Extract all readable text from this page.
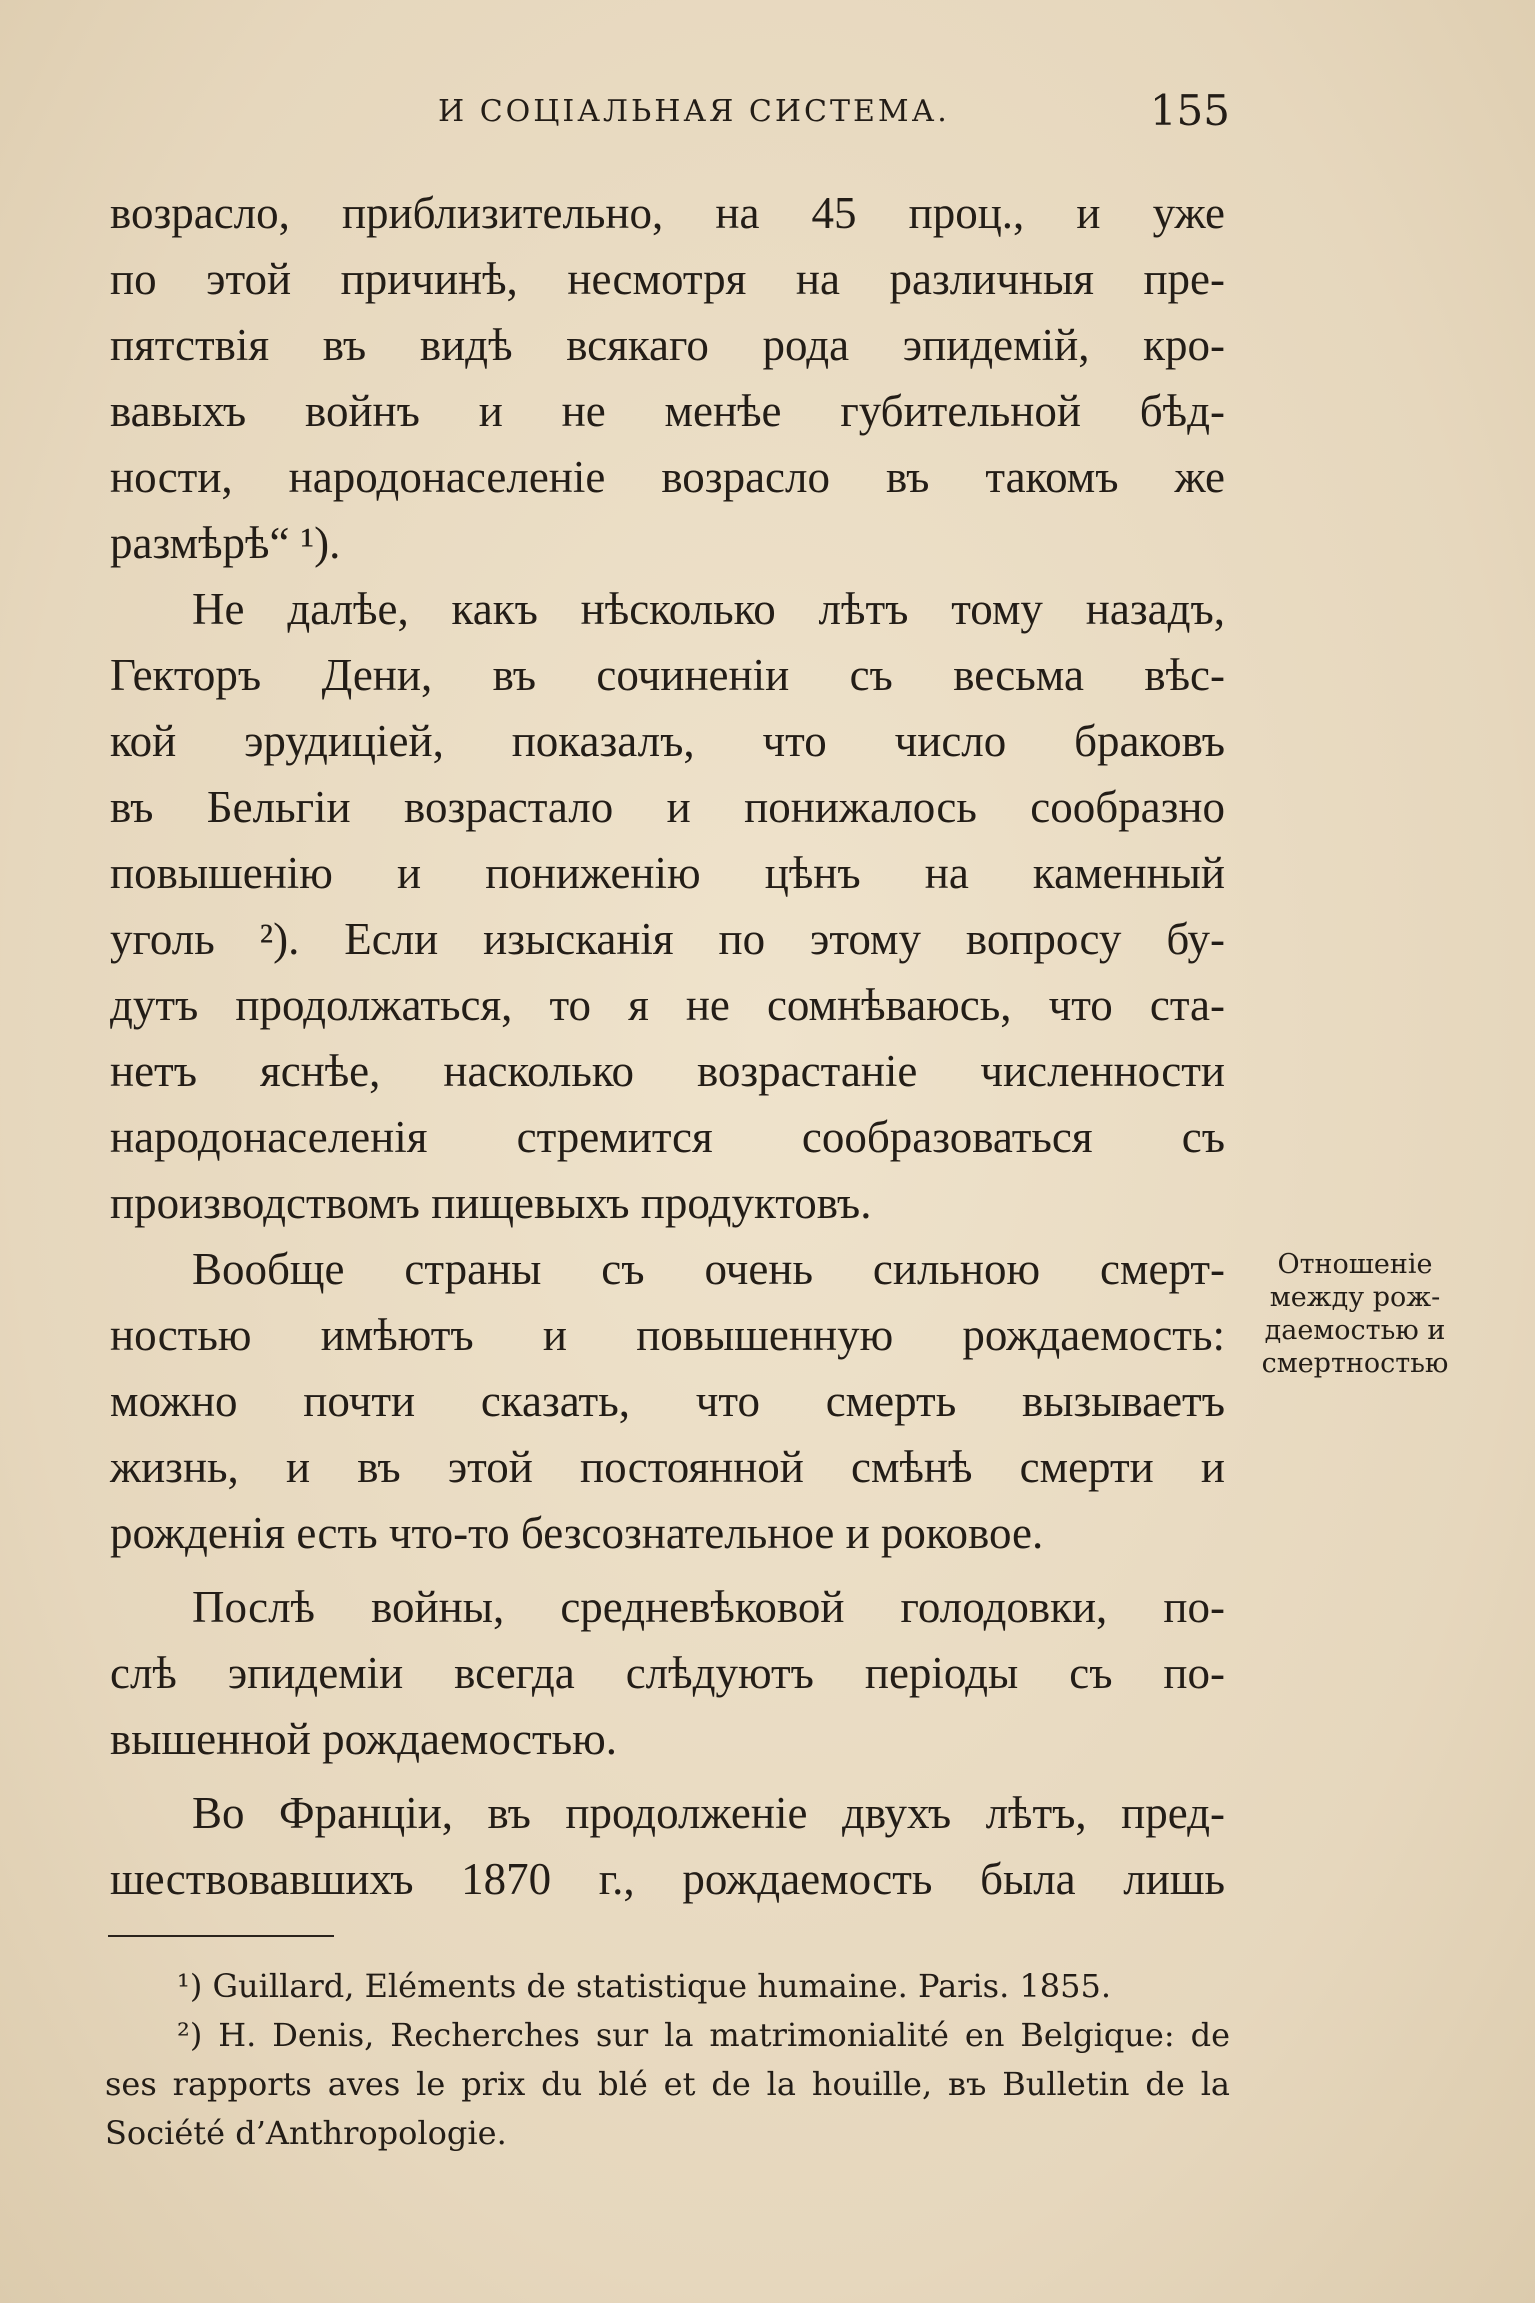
И СОЦІАЛЬНАЯ СИСТЕМА.	155

возрасло, приблизительно, на 45 проц., и уже
по этой причинѣ, несмотря на различныя пре-
пятствія въ видѣ всякаго рода эпидемій, кро-
вавыхъ войнъ и не менѣе губительной бѣд-
ности, народонаселеніе возрасло въ такомъ же
размѣрѣ“ ¹).

Не далѣе, какъ нѣсколько лѣтъ тому назадъ,
Гекторъ Дени, въ сочиненіи съ весьма вѣс-
кой эрудиціей, показалъ, что число браковъ
въ Бельгіи возрастало и понижалось сообразно
повышенію и пониженію цѣнъ на каменный
уголь ²). Если изысканія по этому вопросу бу-
дутъ продолжаться, то я не сомнѣваюсь, что ста-
нетъ яснѣе, насколько возрастаніе численности
народонаселенія стремится сообразоваться съ
производствомъ пищевыхъ продуктовъ.

Вообще страны съ очень сильною смерт-
ностью имѣютъ и повышенную рождаемость:
можно почти сказать, что смерть вызываетъ
жизнь, и въ этой постоянной смѣнѣ смерти и
рожденія есть что-то безсознательное и роковое.

Послѣ войны, средневѣковой голодовки, по-
слѣ эпидеміи всегда слѣдуютъ періоды съ по-
вышенной рождаемостью.

Во Франціи, въ продолженіе двухъ лѣтъ, пред-
шествовавшихъ 1870 г., рождаемость была лишь

Отношеніе
между рож-
даемостью и
смертностью
¹) Guillard, Eléments de statistique humaine. Paris. 1855.
²) H. Denis, Recherches sur la matrimonialité en Belgique: de
ses rapports aves le prix du blé et de la houille, въ Bulletin de la
Société d’Anthropologie.
